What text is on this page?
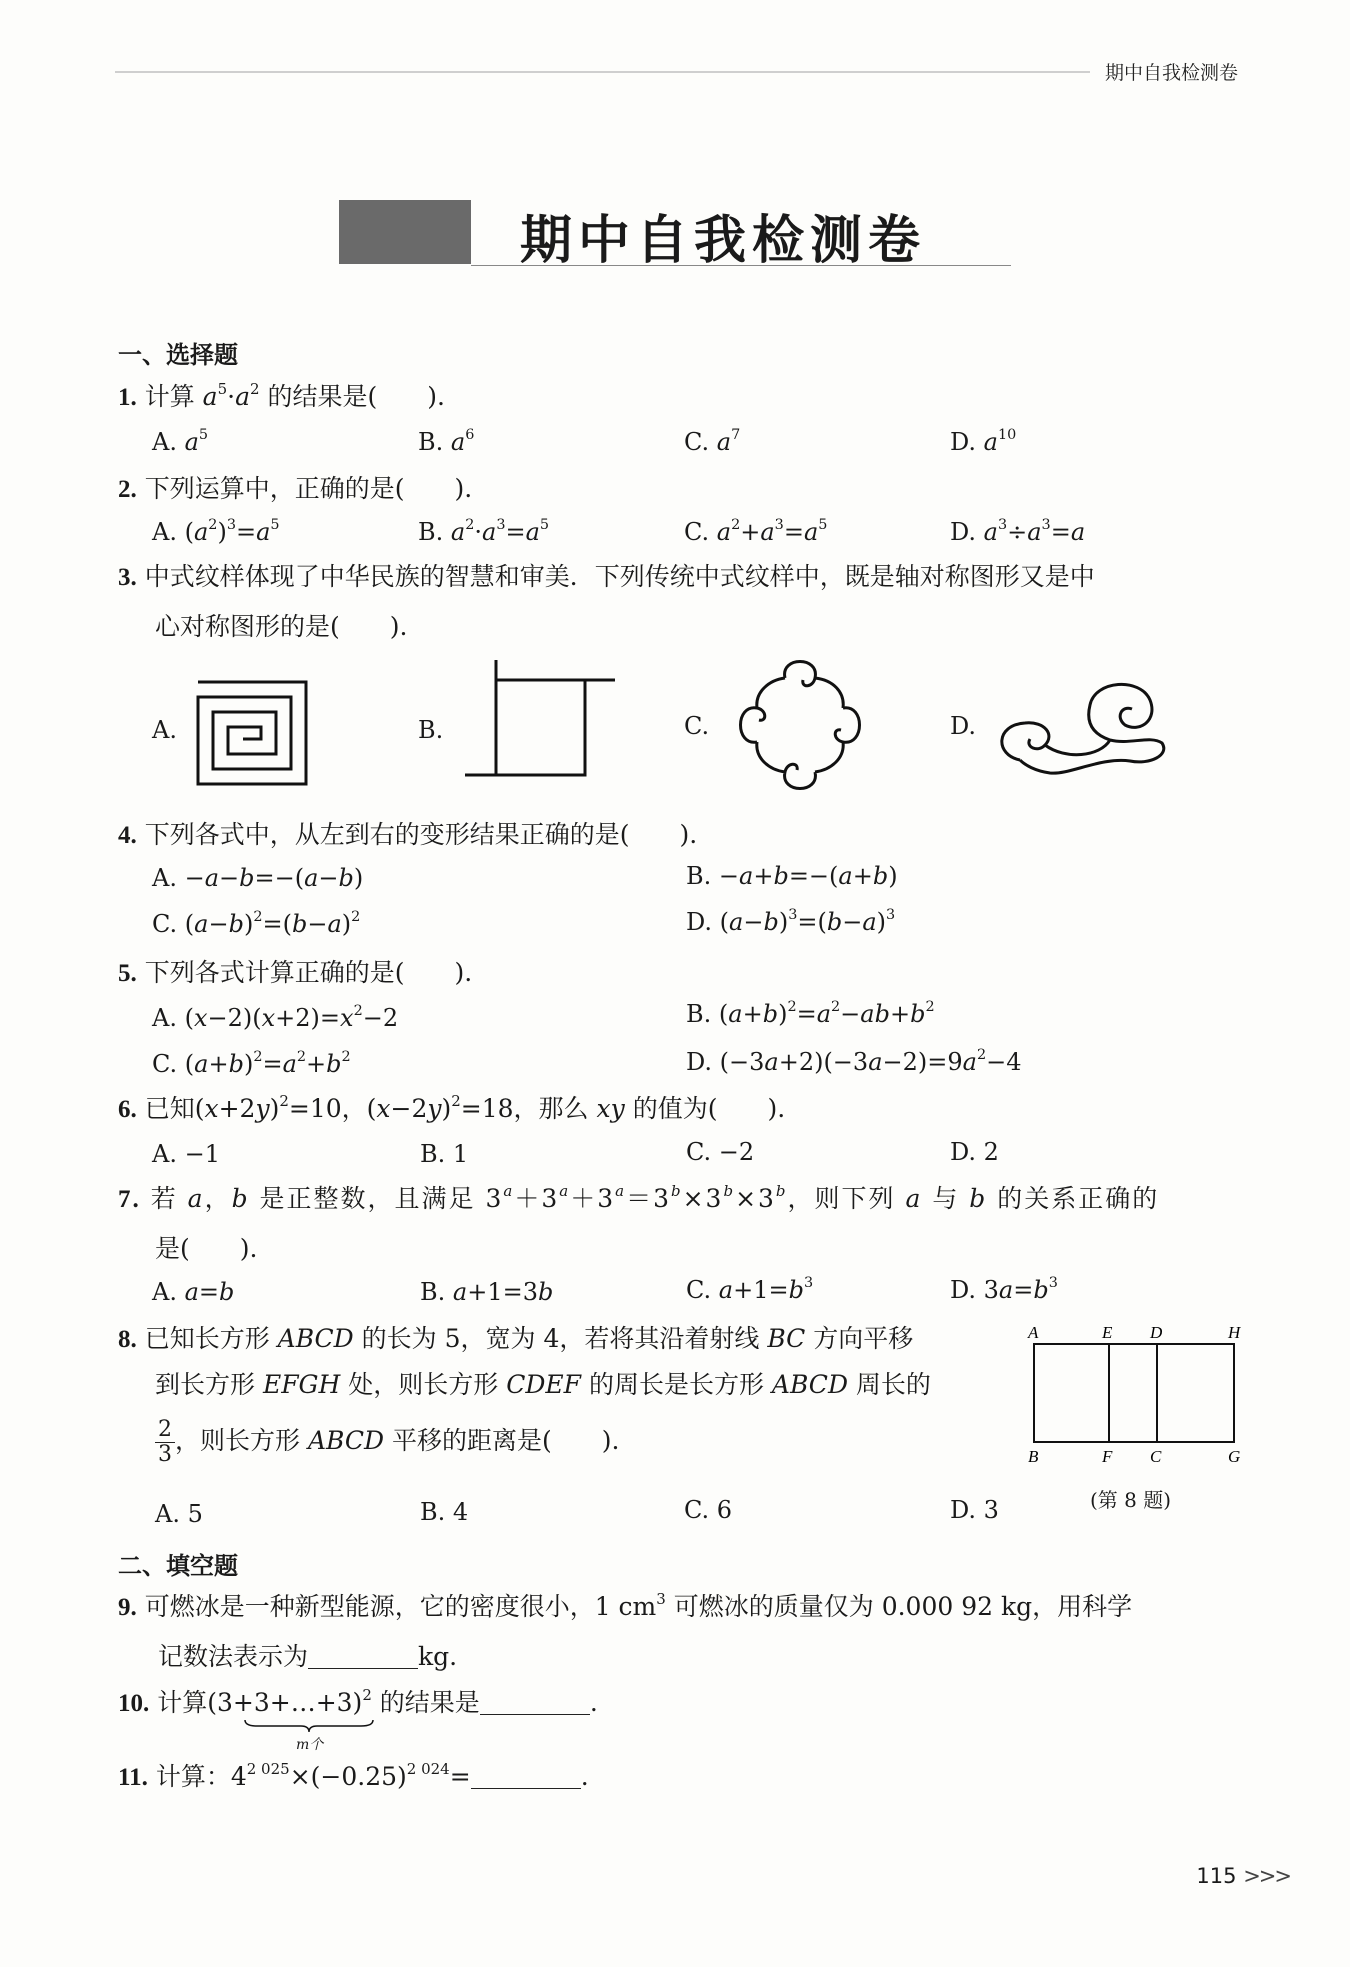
期中自我检测卷
期中自我检测卷
一、选择题
1. 计算 $a^5\cdot a^2$ 的结果是(　　).
A. $a^5$	B. $a^6$	C. $a^7$	D. $a^{10}$
2. 下列运算中，正确的是(　　).
A. $(a^2)^3=a^5$	B. $a^2\cdot a^3=a^5$	C. $a^2+a^3=a^5$	D. $a^3\div a^3=a$
3. 中式纹样体现了中华民族的智慧和审美．下列传统中式纹样中，既是轴对称图形又是中
心对称图形的是(　　).
A.	B.	C.	D.
4. 下列各式中，从左到右的变形结果正确的是(　　).
A. −a−b=−(a−b)	B. −a+b=−(a+b)
C. $(a-b)^2=(b-a)^2$	D. $(a-b)^3=(b-a)^3$
5. 下列各式计算正确的是(　　).
A. $(x-2)(x+2)=x^2-2$	B. $(a+b)^2=a^2-ab+b^2$
C. $(a+b)^2=a^2+b^2$	D. $(-3a+2)(-3a-2)=9a^2-4$
6. 已知$(x+2y)^2=10$，$(x-2y)^2=18$，那么 xy 的值为(　　).
A. −1	B. 1	C. −2	D. 2
7. 若 a，b 是正整数，且满足 $3^a+3^a+3^a=3^b\times 3^b\times 3^b$，则下列 a 与 b 的关系正确的
是(　　).
A. a=b	B. a+1=3b	C. $a+1=b^3$	D. $3a=b^3$
8. 已知长方形 ABCD 的长为 5，宽为 4，若将其沿着射线 BC 方向平移
到长方形 EFGH 处，则长方形 CDEF 的周长是长方形 ABCD 周长的
$\frac{2}{3}$ ，则长方形 ABCD 平移的距离是(　　).
A. 5	B. 4	C. 6	D. 3
A	E D	H
B	F C	G
(第 8 题)
二、填空题
9. 可燃冰是一种新型能源，它的密度很小，1 $cm^3$ 可燃冰的质量仅为 0.000 92 kg，用科学
记数法表示为	kg.
10. 计算(3+3+…+3)$^2$ 的结果是	.
m个
11. 计算：$4^{2 025}\times(-0.25)^{2 024}=$	.
115 >>>
